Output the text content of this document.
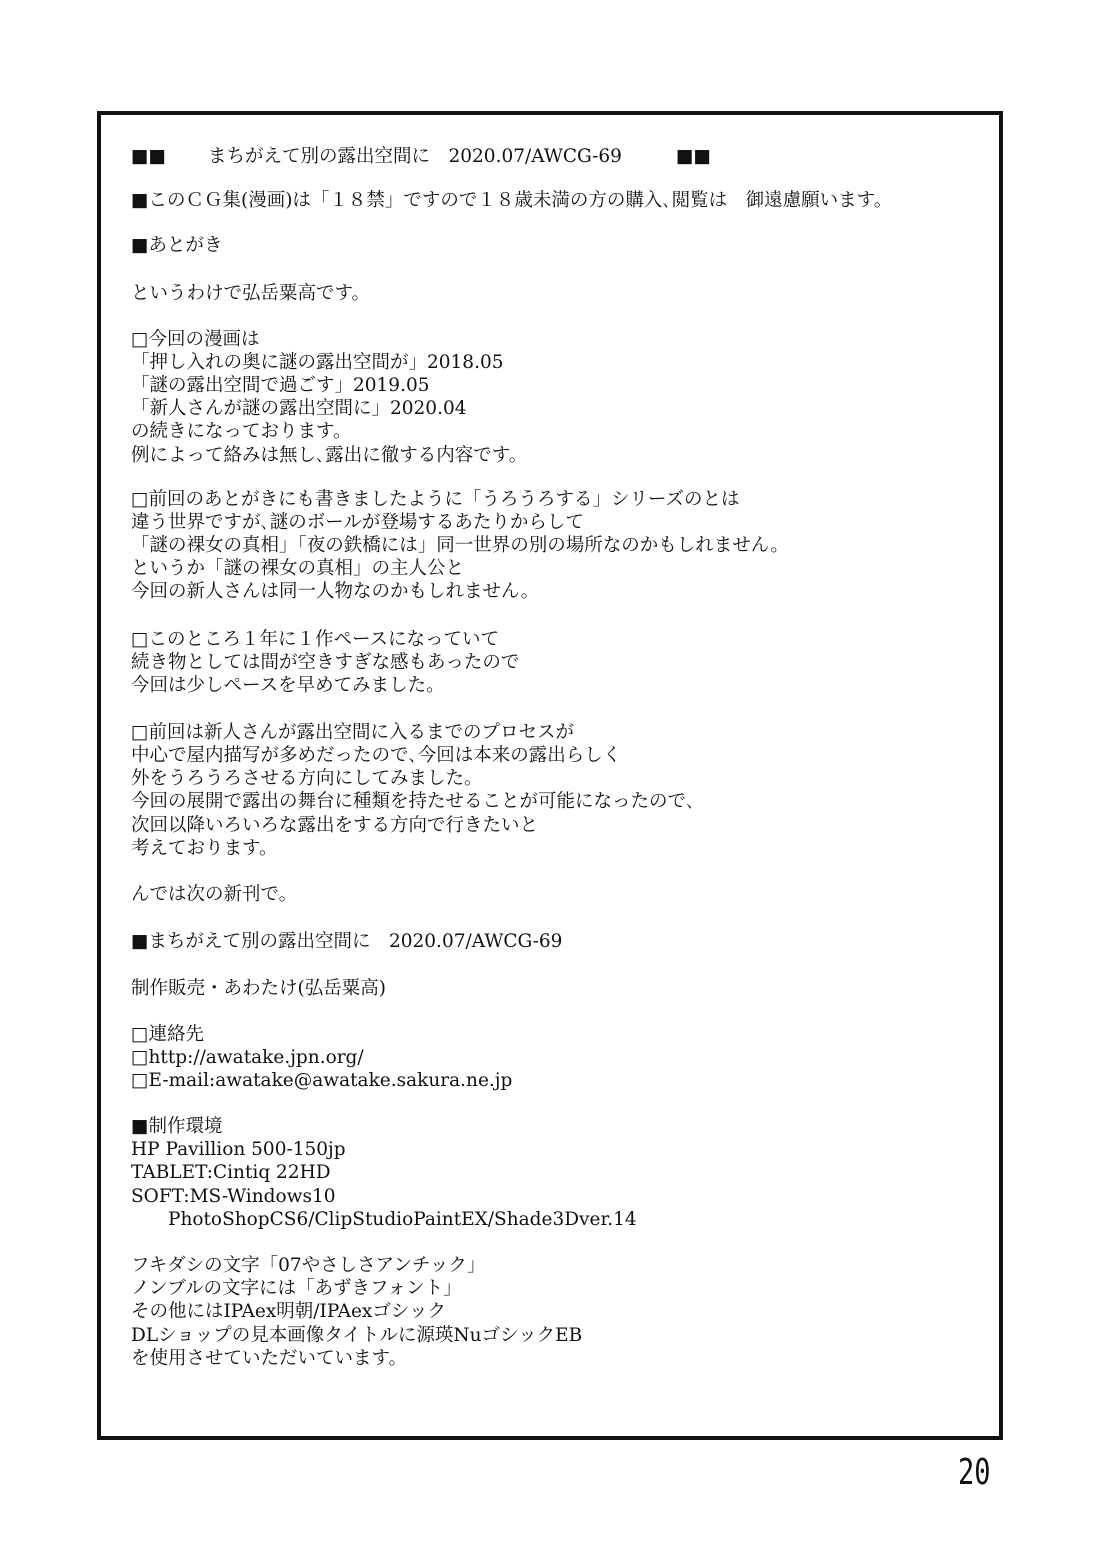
■■ まちがえて別の露出空間に　2020.07/AWCG-69	■■
■このＣＧ集(漫画)は「１８禁」ですので１８歳未満の方の購入､閲覧は　御遠慮願います。
■あとがき
というわけで弘岳粟高です。
□今回の漫画は
「押し入れの奥に謎の露出空間が」2018.05
「謎の露出空間で過ごす」2019.05
「新人さんが謎の露出空間に」2020.04
の続きになっております。
例によって絡みは無し､露出に徹する内容です。
□前回のあとがきにも書きましたように「うろうろする」シリーズのとは
違う世界ですが､謎のボールが登場するあたりからして
「謎の裸女の真相」「夜の鉄橋には」同一世界の別の場所なのかもしれません。
というか「謎の裸女の真相」の主人公と
今回の新人さんは同一人物なのかもしれません。
□このところ１年に１作ペースになっていて
続き物としては間が空きすぎな感もあったので
今回は少しペースを早めてみました。
□前回は新人さんが露出空間に入るまでのプロセスが
中心で屋内描写が多めだったので､今回は本来の露出らしく
外をうろうろさせる方向にしてみました。
今回の展開で露出の舞台に種類を持たせることが可能になったので､
次回以降いろいろな露出をする方向で行きたいと
考えております。
んでは次の新刊で。
■まちがえて別の露出空間に　2020.07/AWCG-69
制作販売・あわたけ(弘岳粟高)
□連絡先
□http://awatake.jpn.org/
□E-mail:awatake@awatake.sakura.ne.jp
■制作環境
HP Pavillion 500-150jp
TABLET:Cintiq 22HD
SOFT:MS-Windows10
　　PhotoShopCS6/ClipStudioPaintEX/Shade3Dver.14
フキダシの文字「07やさしさアンチック」
ノンブルの文字には「あずきフォント」
その他にはIPAex明朝/IPAexゴシック
DLショップの見本画像タイトルに源瑛NuゴシックEB
を使用させていただいています。
20
